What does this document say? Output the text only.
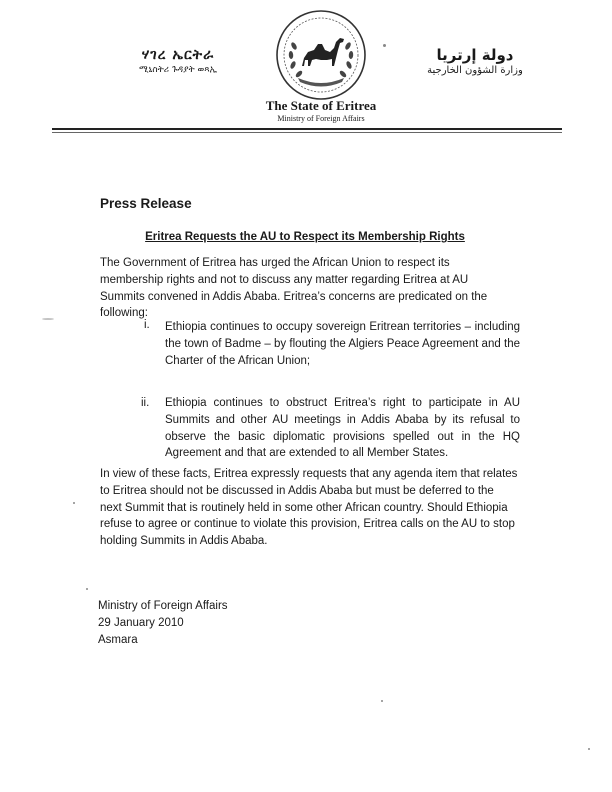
ሃገረ ኤርትራ
ሚኒስትሪ ጉዳያት ወጻኢ
دولة إرتريا
وزارة الشؤون الخارجية
The State of Eritrea
Ministry of Foreign Affairs
Press Release
Eritrea Requests the AU to Respect its Membership Rights
The Government of Eritrea has urged the African Union to respect its membership rights and not to discuss any matter regarding Eritrea at AU Summits convened in Addis Ababa. Eritrea’s concerns are predicated on the following:
i. Ethiopia continues to occupy sovereign Eritrean territories – including the town of Badme – by flouting the Algiers Peace Agreement and the Charter of the African Union;
ii. Ethiopia continues to obstruct Eritrea’s right to participate in AU Summits and other AU meetings in Addis Ababa by its refusal to observe the basic diplomatic provisions spelled out in the HQ Agreement and that are extended to all Member States.
In view of these facts, Eritrea expressly requests that any agenda item that relates to Eritrea should not be discussed in Addis Ababa but must be deferred to the next Summit that is routinely held in some other African country. Should Ethiopia refuse to agree or continue to violate this provision, Eritrea calls on the AU to stop holding Summits in Addis Ababa.
Ministry of Foreign Affairs
29 January 2010
Asmara
